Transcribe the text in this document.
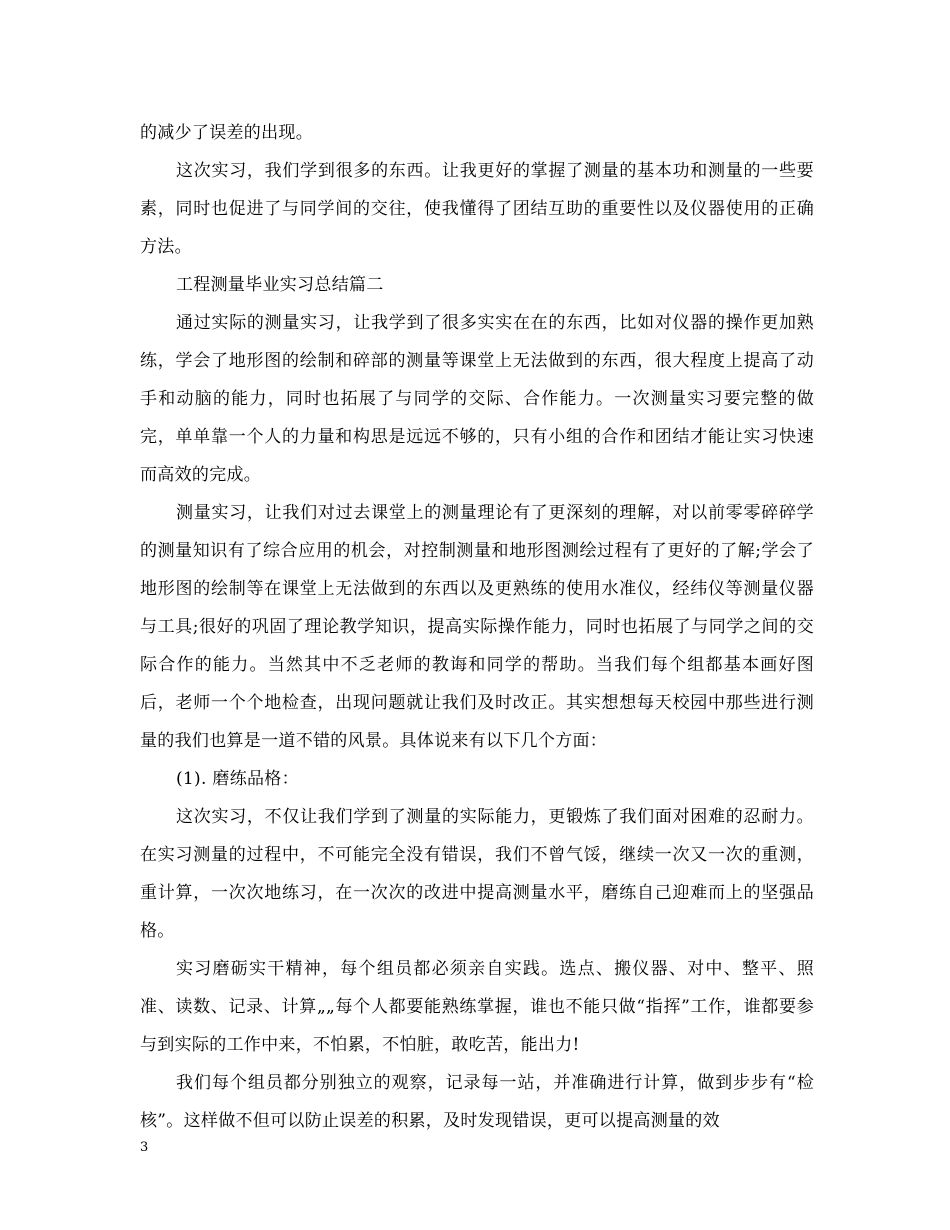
的减少了误差的出现。

这次实习，我们学到很多的东西。让我更好的掌握了测量的基本功和测量的一些要素，同时也促进了与同学间的交往，使我懂得了团结互助的重要性以及仪器使用的正确方法。

工程测量毕业实习总结篇二

通过实际的测量实习，让我学到了很多实实在在的东西，比如对仪器的操作更加熟练，学会了地形图的绘制和碎部的测量等课堂上无法做到的东西，很大程度上提高了动手和动脑的能力，同时也拓展了与同学的交际、合作能力。一次测量实习要完整的做完，单单靠一个人的力量和构思是远远不够的，只有小组的合作和团结才能让实习快速而高效的完成。

测量实习，让我们对过去课堂上的测量理论有了更深刻的理解，对以前零零碎碎学的测量知识有了综合应用的机会，对控制测量和地形图测绘过程有了更好的了解;学会了地形图的绘制等在课堂上无法做到的东西以及更熟练的使用水准仪，经纬仪等测量仪器与工具;很好的巩固了理论教学知识，提高实际操作能力，同时也拓展了与同学之间的交际合作的能力。当然其中不乏老师的教诲和同学的帮助。当我们每个组都基本画好图后，老师一个个地检查，出现问题就让我们及时改正。其实想想每天校园中那些进行测量的我们也算是一道不错的风景。具体说来有以下几个方面：

(1). 磨练品格：

这次实习，不仅让我们学到了测量的实际能力，更锻炼了我们面对困难的忍耐力。在实习测量的过程中，不可能完全没有错误，我们不曾气馁，继续一次又一次的重测，重计算，一次次地练习，在一次次的改进中提高测量水平，磨练自己迎难而上的坚强品格。

实习磨砺实干精神，每个组员都必须亲自实践。选点、搬仪器、对中、整平、照准、读数、记录、计算„„每个人都要能熟练掌握，谁也不能只做“指挥”工作，谁都要参与到实际的工作中来，不怕累，不怕脏，敢吃苦，能出力!

我们每个组员都分别独立的观察，记录每一站，并准确进行计算，做到步步有“检核”。这样做不但可以防止误差的积累，及时发现错误，更可以提高测量的效

3
